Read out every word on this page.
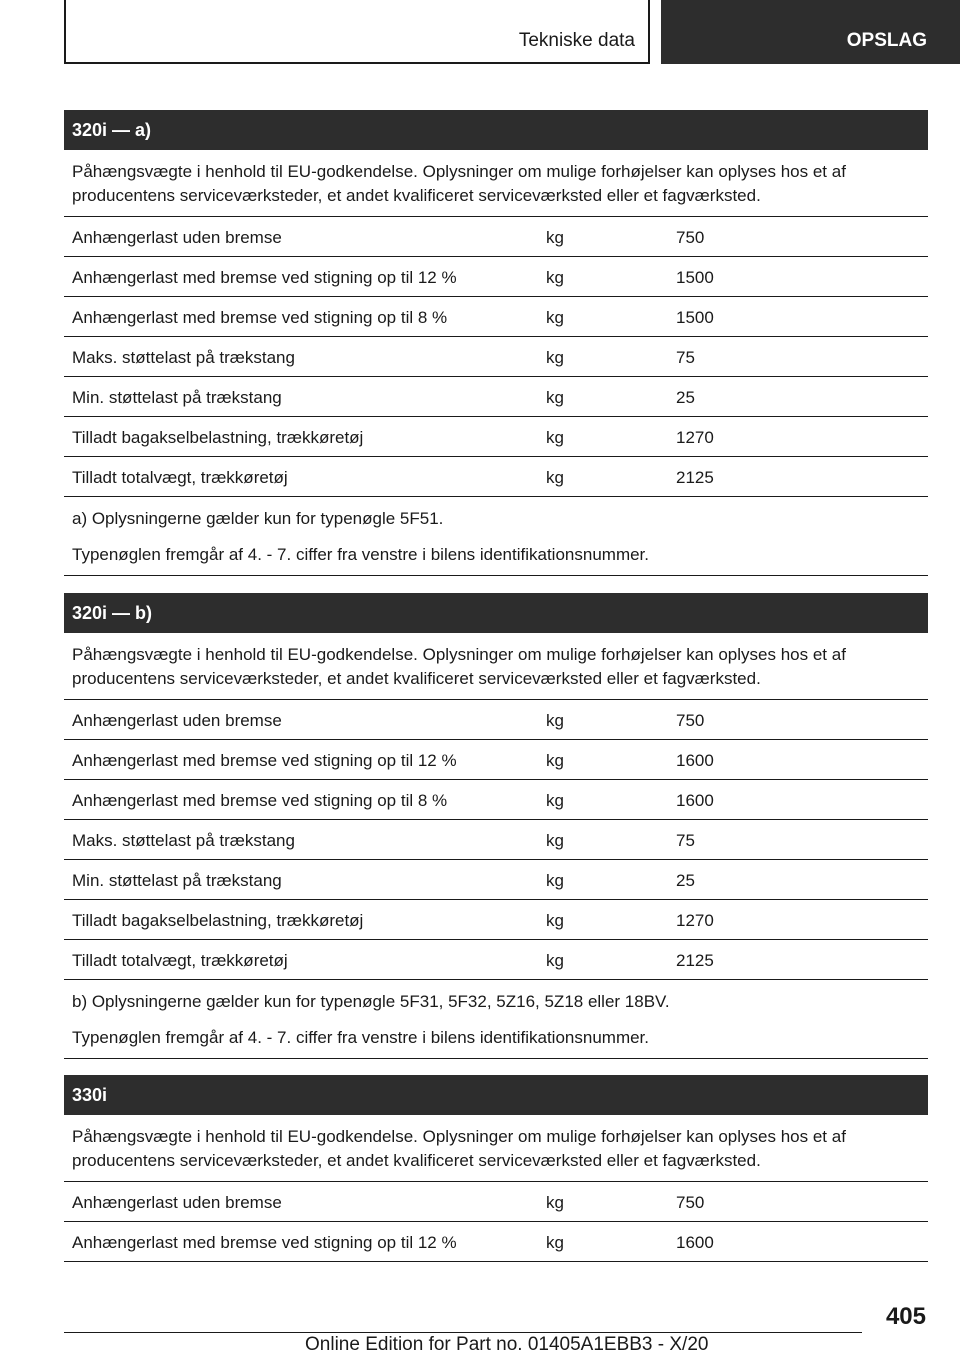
Tekniske data	OPSLAG
320i — a)
Påhængsvægte i henhold til EU-godkendelse. Oplysninger om mulige forhøjelser kan oplyses hos et af producentens serviceværksteder, et andet kvalificeret serviceværksted eller et fagværksted.
Anhængerlast uden bremse	kg	750
Anhængerlast med bremse ved stigning op til 12 %	kg	1500
Anhængerlast med bremse ved stigning op til 8 %	kg	1500
Maks. støttelast på trækstang	kg	75
Min. støttelast på trækstang	kg	25
Tilladt bagakselbelastning, trækkøretøj	kg	1270
Tilladt totalvægt, trækkøretøj	kg	2125

a) Oplysningerne gælder kun for typenøgle 5F51.

Typenøglen fremgår af 4. - 7. ciffer fra venstre i bilens identifikationsnummer.

320i — b)
Påhængsvægte i henhold til EU-godkendelse. Oplysninger om mulige forhøjelser kan oplyses hos et af producentens serviceværksteder, et andet kvalificeret serviceværksted eller et fagværksted.
Anhængerlast uden bremse	kg	750
Anhængerlast med bremse ved stigning op til 12 %	kg	1600
Anhængerlast med bremse ved stigning op til 8 %	kg	1600
Maks. støttelast på trækstang	kg	75
Min. støttelast på trækstang	kg	25
Tilladt bagakselbelastning, trækkøretøj	kg	1270
Tilladt totalvægt, trækkøretøj	kg	2125

b) Oplysningerne gælder kun for typenøgle 5F31, 5F32, 5Z16, 5Z18 eller 18BV.

Typenøglen fremgår af 4. - 7. ciffer fra venstre i bilens identifikationsnummer.

330i
Påhængsvægte i henhold til EU-godkendelse. Oplysninger om mulige forhøjelser kan oplyses hos et af producentens serviceværksteder, et andet kvalificeret serviceværksted eller et fagværksted.
Anhængerlast uden bremse	kg	750
Anhængerlast med bremse ved stigning op til 12 %	kg	1600
405
Online Edition for Part no. 01405A1EBB3 - X/20
